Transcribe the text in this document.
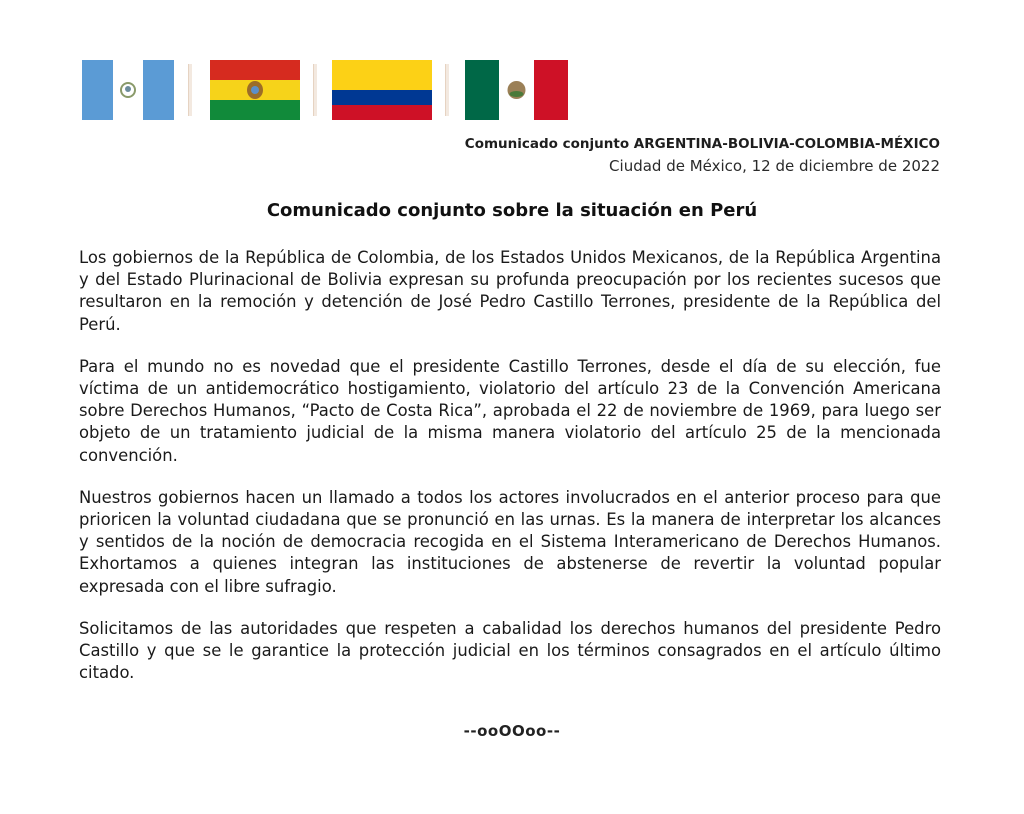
Comunicado conjunto ARGENTINA-BOLIVIA-COLOMBIA-MÉXICO
Ciudad de México, 12 de diciembre de 2022
Comunicado conjunto sobre la situación en Perú

Los gobiernos de la República de Colombia, de los Estados Unidos Mexicanos, de la República Argentina y del Estado Plurinacional de Bolivia expresan su profunda preocupación por los recientes sucesos que resultaron en la remoción y detención de José Pedro Castillo Terrones, presidente de la República del Perú.

Para el mundo no es novedad que el presidente Castillo Terrones, desde el día de su elección, fue víctima de un antidemocrático hostigamiento, violatorio del artículo 23 de la Convención Americana sobre Derechos Humanos, “Pacto de Costa Rica”, aprobada el 22 de noviembre de 1969, para luego ser objeto de un tratamiento judicial de la misma manera violatorio del artículo 25 de la mencionada convención.

Nuestros gobiernos hacen un llamado a todos los actores involucrados en el anterior proceso para que prioricen la voluntad ciudadana que se pronunció en las urnas. Es la manera de interpretar los alcances y sentidos de la noción de democracia recogida en el Sistema Interamericano de Derechos Humanos. Exhortamos a quienes integran las instituciones de abstenerse de revertir la voluntad popular expresada con el libre sufragio.

Solicitamos de las autoridades que respeten a cabalidad los derechos humanos del presidente Pedro Castillo y que se le garantice la protección judicial en los términos consagrados en el artículo último citado.

--ooOOoo--
